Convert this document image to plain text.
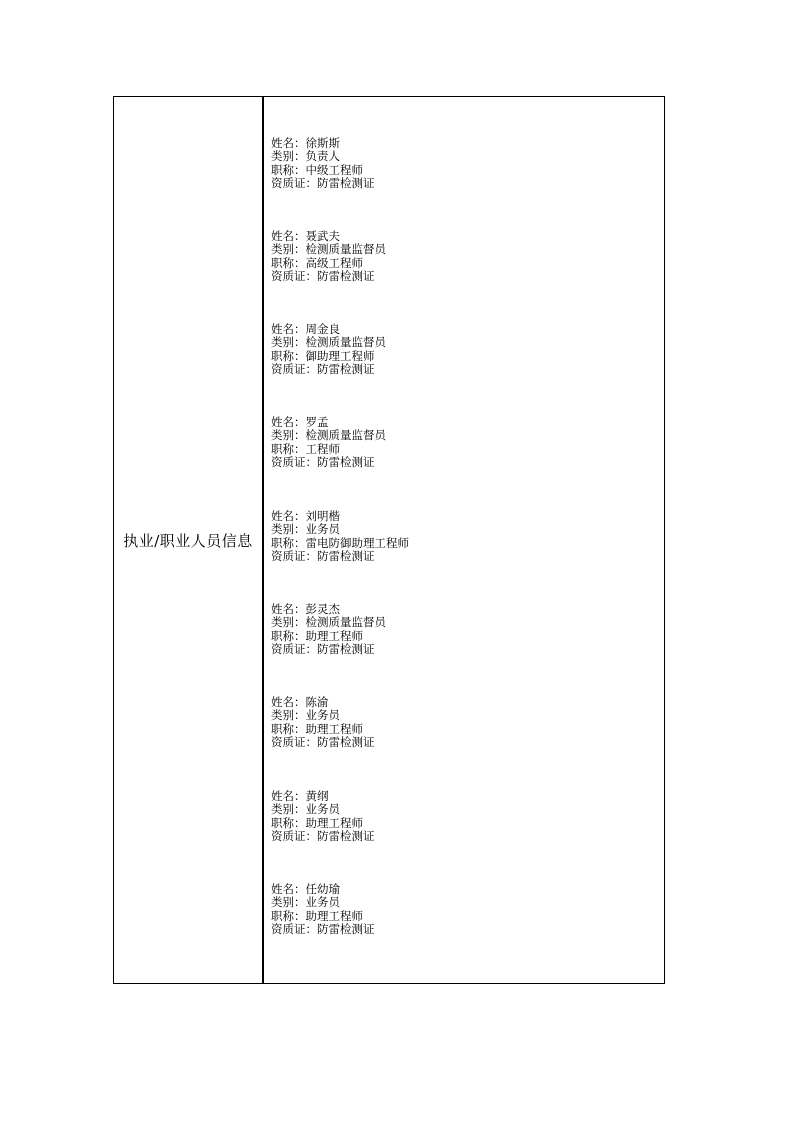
执业/职业人员信息
姓名：徐斯斯
类别：负责人
职称：中级工程师
资质证：防雷检测证
姓名：聂武夫
类别：检测质量监督员
职称：高级工程师
资质证：防雷检测证
姓名：周金良
类别：检测质量监督员
职称：御助理工程师
资质证：防雷检测证
姓名：罗孟
类别：检测质量监督员
职称：工程师
资质证：防雷检测证
姓名：刘明楷
类别：业务员
职称：雷电防御助理工程师
资质证：防雷检测证
姓名：彭灵杰
类别：检测质量监督员
职称：助理工程师
资质证：防雷检测证
姓名：陈渝
类别：业务员
职称：助理工程师
资质证：防雷检测证
姓名：黄纲
类别：业务员
职称：助理工程师
资质证：防雷检测证
姓名：任幼瑜
类别：业务员
职称：助理工程师
资质证：防雷检测证
